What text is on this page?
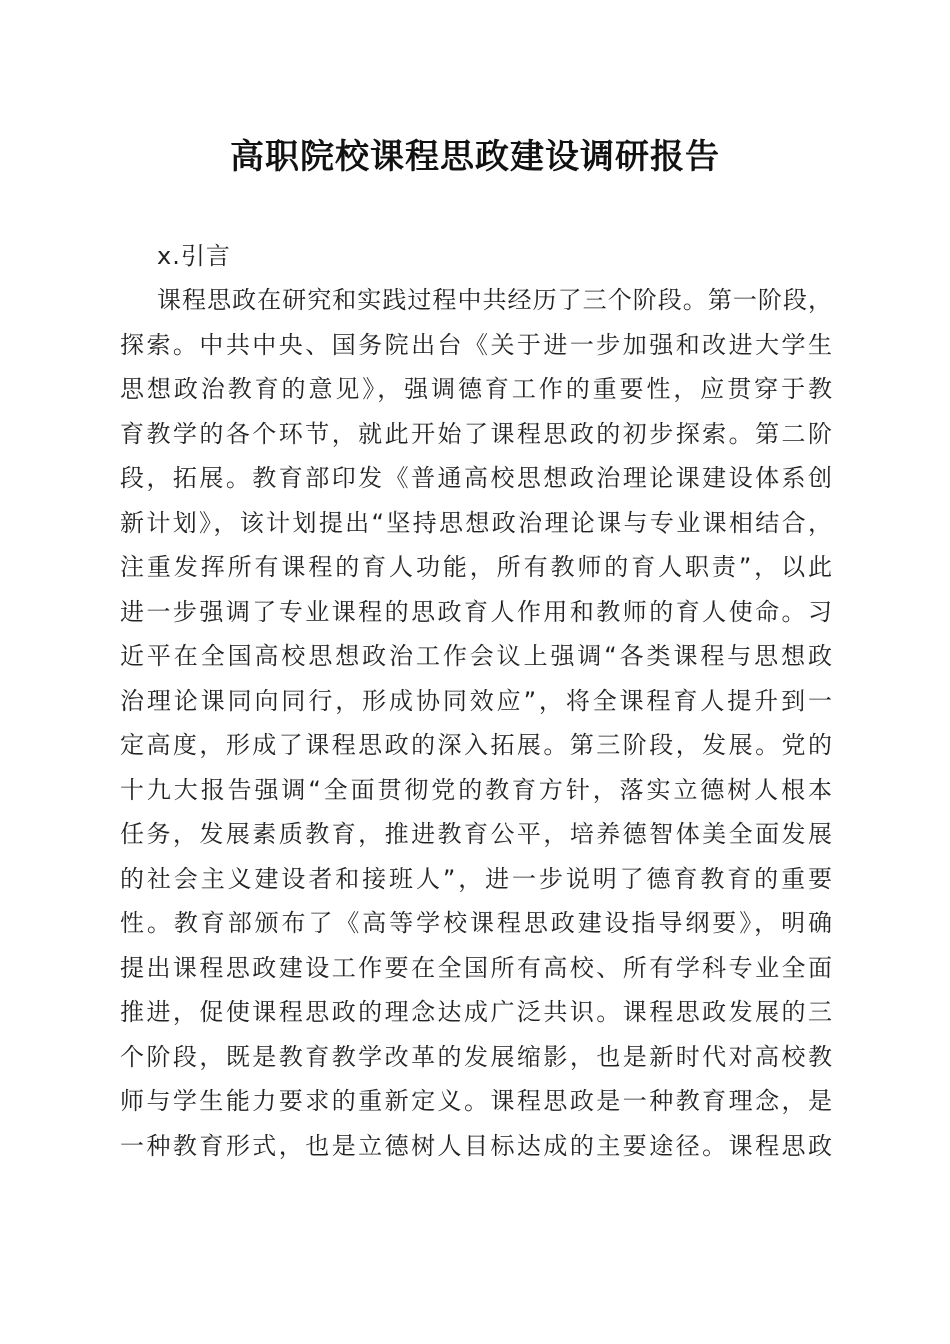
高职院校课程思政建设调研报告
x.引言
课程思政在研究和实践过程中共经历了三个阶段。第一阶段，
探索。中共中央、国务院出台《关于进一步加强和改进大学生
思想政治教育的意见》，强调德育工作的重要性，应贯穿于教
育教学的各个环节，就此开始了课程思政的初步探索。第二阶
段，拓展。教育部印发《普通高校思想政治理论课建设体系创
新计划》，该计划提出“坚持思想政治理论课与专业课相结合，
注重发挥所有课程的育人功能，所有教师的育人职责”，以此
进一步强调了专业课程的思政育人作用和教师的育人使命。习
近平在全国高校思想政治工作会议上强调“各类课程与思想政
治理论课同向同行，形成协同效应”，将全课程育人提升到一
定高度，形成了课程思政的深入拓展。第三阶段，发展。党的
十九大报告强调“全面贯彻党的教育方针，落实立德树人根本
任务，发展素质教育，推进教育公平，培养德智体美全面发展
的社会主义建设者和接班人”，进一步说明了德育教育的重要
性。教育部颁布了《高等学校课程思政建设指导纲要》，明确
提出课程思政建设工作要在全国所有高校、所有学科专业全面
推进，促使课程思政的理念达成广泛共识。课程思政发展的三
个阶段，既是教育教学改革的发展缩影，也是新时代对高校教
师与学生能力要求的重新定义。课程思政是一种教育理念，是
一种教育形式，也是立德树人目标达成的主要途径。课程思政
